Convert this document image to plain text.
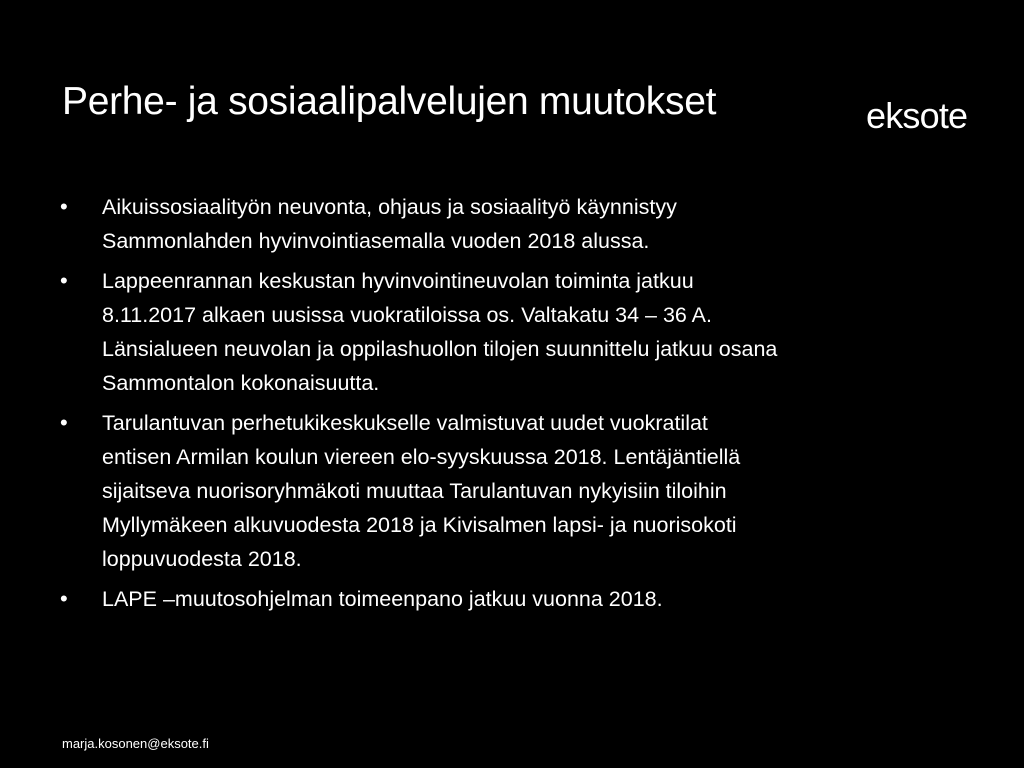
Perhe- ja sosiaalipalvelujen muutokset	eksote
• Aikuissosiaalityön neuvonta, ohjaus ja sosiaalityö käynnistyy
Sammonlahden hyvinvointiasemalla vuoden 2018 alussa.
• Lappeenrannan keskustan hyvinvointineuvolan toiminta jatkuu
8.11.2017 alkaen uusissa vuokratiloissa os. Valtakatu 34 – 36 A.
Länsialueen neuvolan ja oppilashuollon tilojen suunnittelu jatkuu osana
Sammontalon kokonaisuutta.
• Tarulantuvan perhetukikeskukselle valmistuvat uudet vuokratilat
entisen Armilan koulun viereen elo-syyskuussa 2018. Lentäjäntiellä
sijaitseva nuorisoryhmäkoti muuttaa Tarulantuvan nykyisiin tiloihin
Myllymäkeen alkuvuodesta 2018 ja Kivisalmen lapsi- ja nuorisokoti
loppuvuodesta 2018.
• LAPE –muutosohjelman toimeenpano jatkuu vuonna 2018.
marja.kosonen@eksote.fi
